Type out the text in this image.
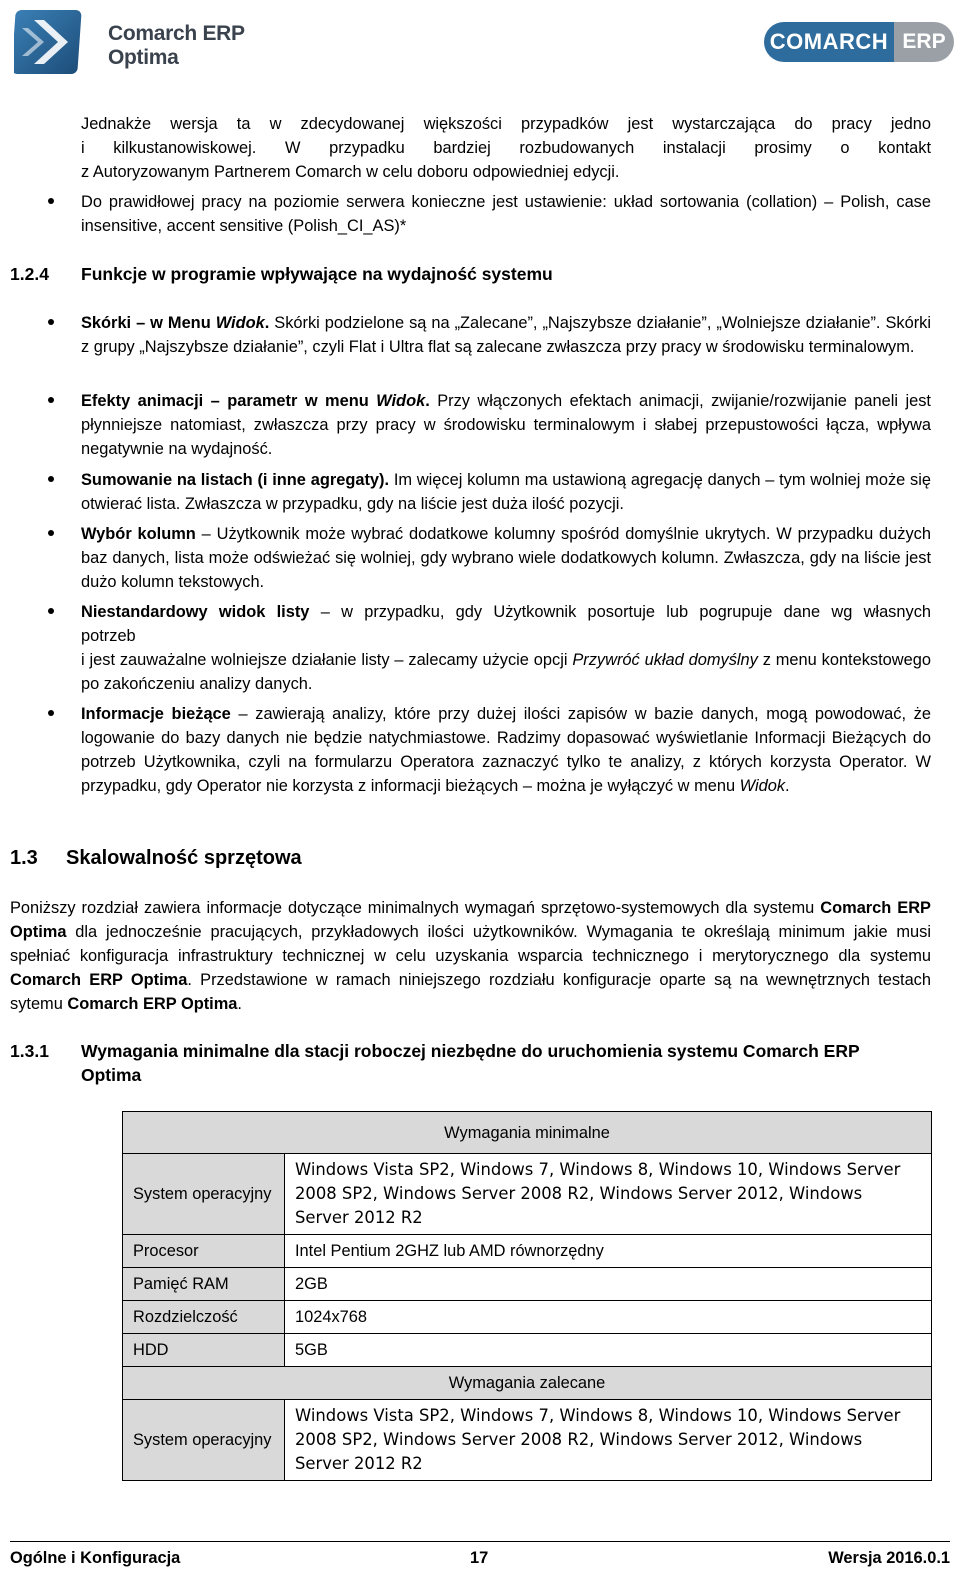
Comarch ERP
Optima
COMARCH ERP
Jednakże wersja ta w zdecydowanej większości przypadków jest wystarczająca do pracy jedno
i kilkustanowiskowej. W przypadku bardziej rozbudowanych instalacji prosimy o kontakt
z Autoryzowanym Partnerem Comarch w celu doboru odpowiedniej edycji.
Do prawidłowej pracy na poziomie serwera konieczne jest ustawienie: układ sortowania (collation) – Polish, case insensitive, accent sensitive (Polish_CI_AS)*
1.2.4 Funkcje w programie wpływające na wydajność systemu
Skórki – w Menu Widok. Skórki podzielone są na „Zalecane”, „Najszybsze działanie”, „Wolniejsze działanie”. Skórki z grupy „Najszybsze działanie”, czyli Flat i Ultra flat są zalecane zwłaszcza przy pracy w środowisku terminalowym.
Efekty animacji – parametr w menu Widok. Przy włączonych efektach animacji, zwijanie/rozwijanie paneli jest płynniejsze natomiast, zwłaszcza przy pracy w środowisku terminalowym i słabej przepustowości łącza, wpływa negatywnie na wydajność.
Sumowanie na listach (i inne agregaty). Im więcej kolumn ma ustawioną agregację danych – tym wolniej może się otwierać lista. Zwłaszcza w przypadku, gdy na liście jest duża ilość pozycji.
Wybór kolumn – Użytkownik może wybrać dodatkowe kolumny spośród domyślnie ukrytych. W przypadku dużych baz danych, lista może odświeżać się wolniej, gdy wybrano wiele dodatkowych kolumn. Zwłaszcza, gdy na liście jest dużo kolumn tekstowych.
Niestandardowy widok listy – w przypadku, gdy Użytkownik posortuje lub pogrupuje dane wg własnych
potrzeb
i jest zauważalne wolniejsze działanie listy – zalecamy użycie opcji Przywróć układ domyślny z menu kontekstowego po zakończeniu analizy danych.
Informacje bieżące – zawierają analizy, które przy dużej ilości zapisów w bazie danych, mogą powodować, że logowanie do bazy danych nie będzie natychmiastowe. Radzimy dopasować wyświetlanie Informacji Bieżących do potrzeb Użytkownika, czyli na formularzu Operatora zaznaczyć tylko te analizy, z których korzysta Operator. W przypadku, gdy Operator nie korzysta z informacji bieżących – można je wyłączyć w menu Widok.
1.3 Skalowalność sprzętowa
Poniższy rozdział zawiera informacje dotyczące minimalnych wymagań sprzętowo-systemowych dla systemu Comarch ERP Optima dla jednocześnie pracujących, przykładowych ilości użytkowników. Wymagania te określają minimum jakie musi spełniać konfiguracja infrastruktury technicznej w celu uzyskania wsparcia technicznego i merytorycznego dla systemu Comarch ERP Optima. Przedstawione w ramach niniejszego rozdziału konfiguracje oparte są na wewnętrznych testach sytemu Comarch ERP Optima.
1.3.1 Wymagania minimalne dla stacji roboczej niezbędne do uruchomienia systemu Comarch ERP
Optima
Wymagania minimalne	
System operacyjny	Windows Vista SP2, Windows 7, Windows 8, Windows 10, Windows Server 2008 SP2, Windows Server 2008 R2, Windows Server 2012, Windows Server 2012 R2
Procesor	Intel Pentium 2GHZ lub AMD równorzędny
Pamięć RAM	2GB
Rozdzielczość	1024x768
HDD	5GB
Wymagania zalecane	
System operacyjny	Windows Vista SP2, Windows 7, Windows 8, Windows 10, Windows Server 2008 SP2, Windows Server 2008 R2, Windows Server 2012, Windows Server 2012 R2
Ogólne i Konfiguracja	17	Wersja 2016.0.1
